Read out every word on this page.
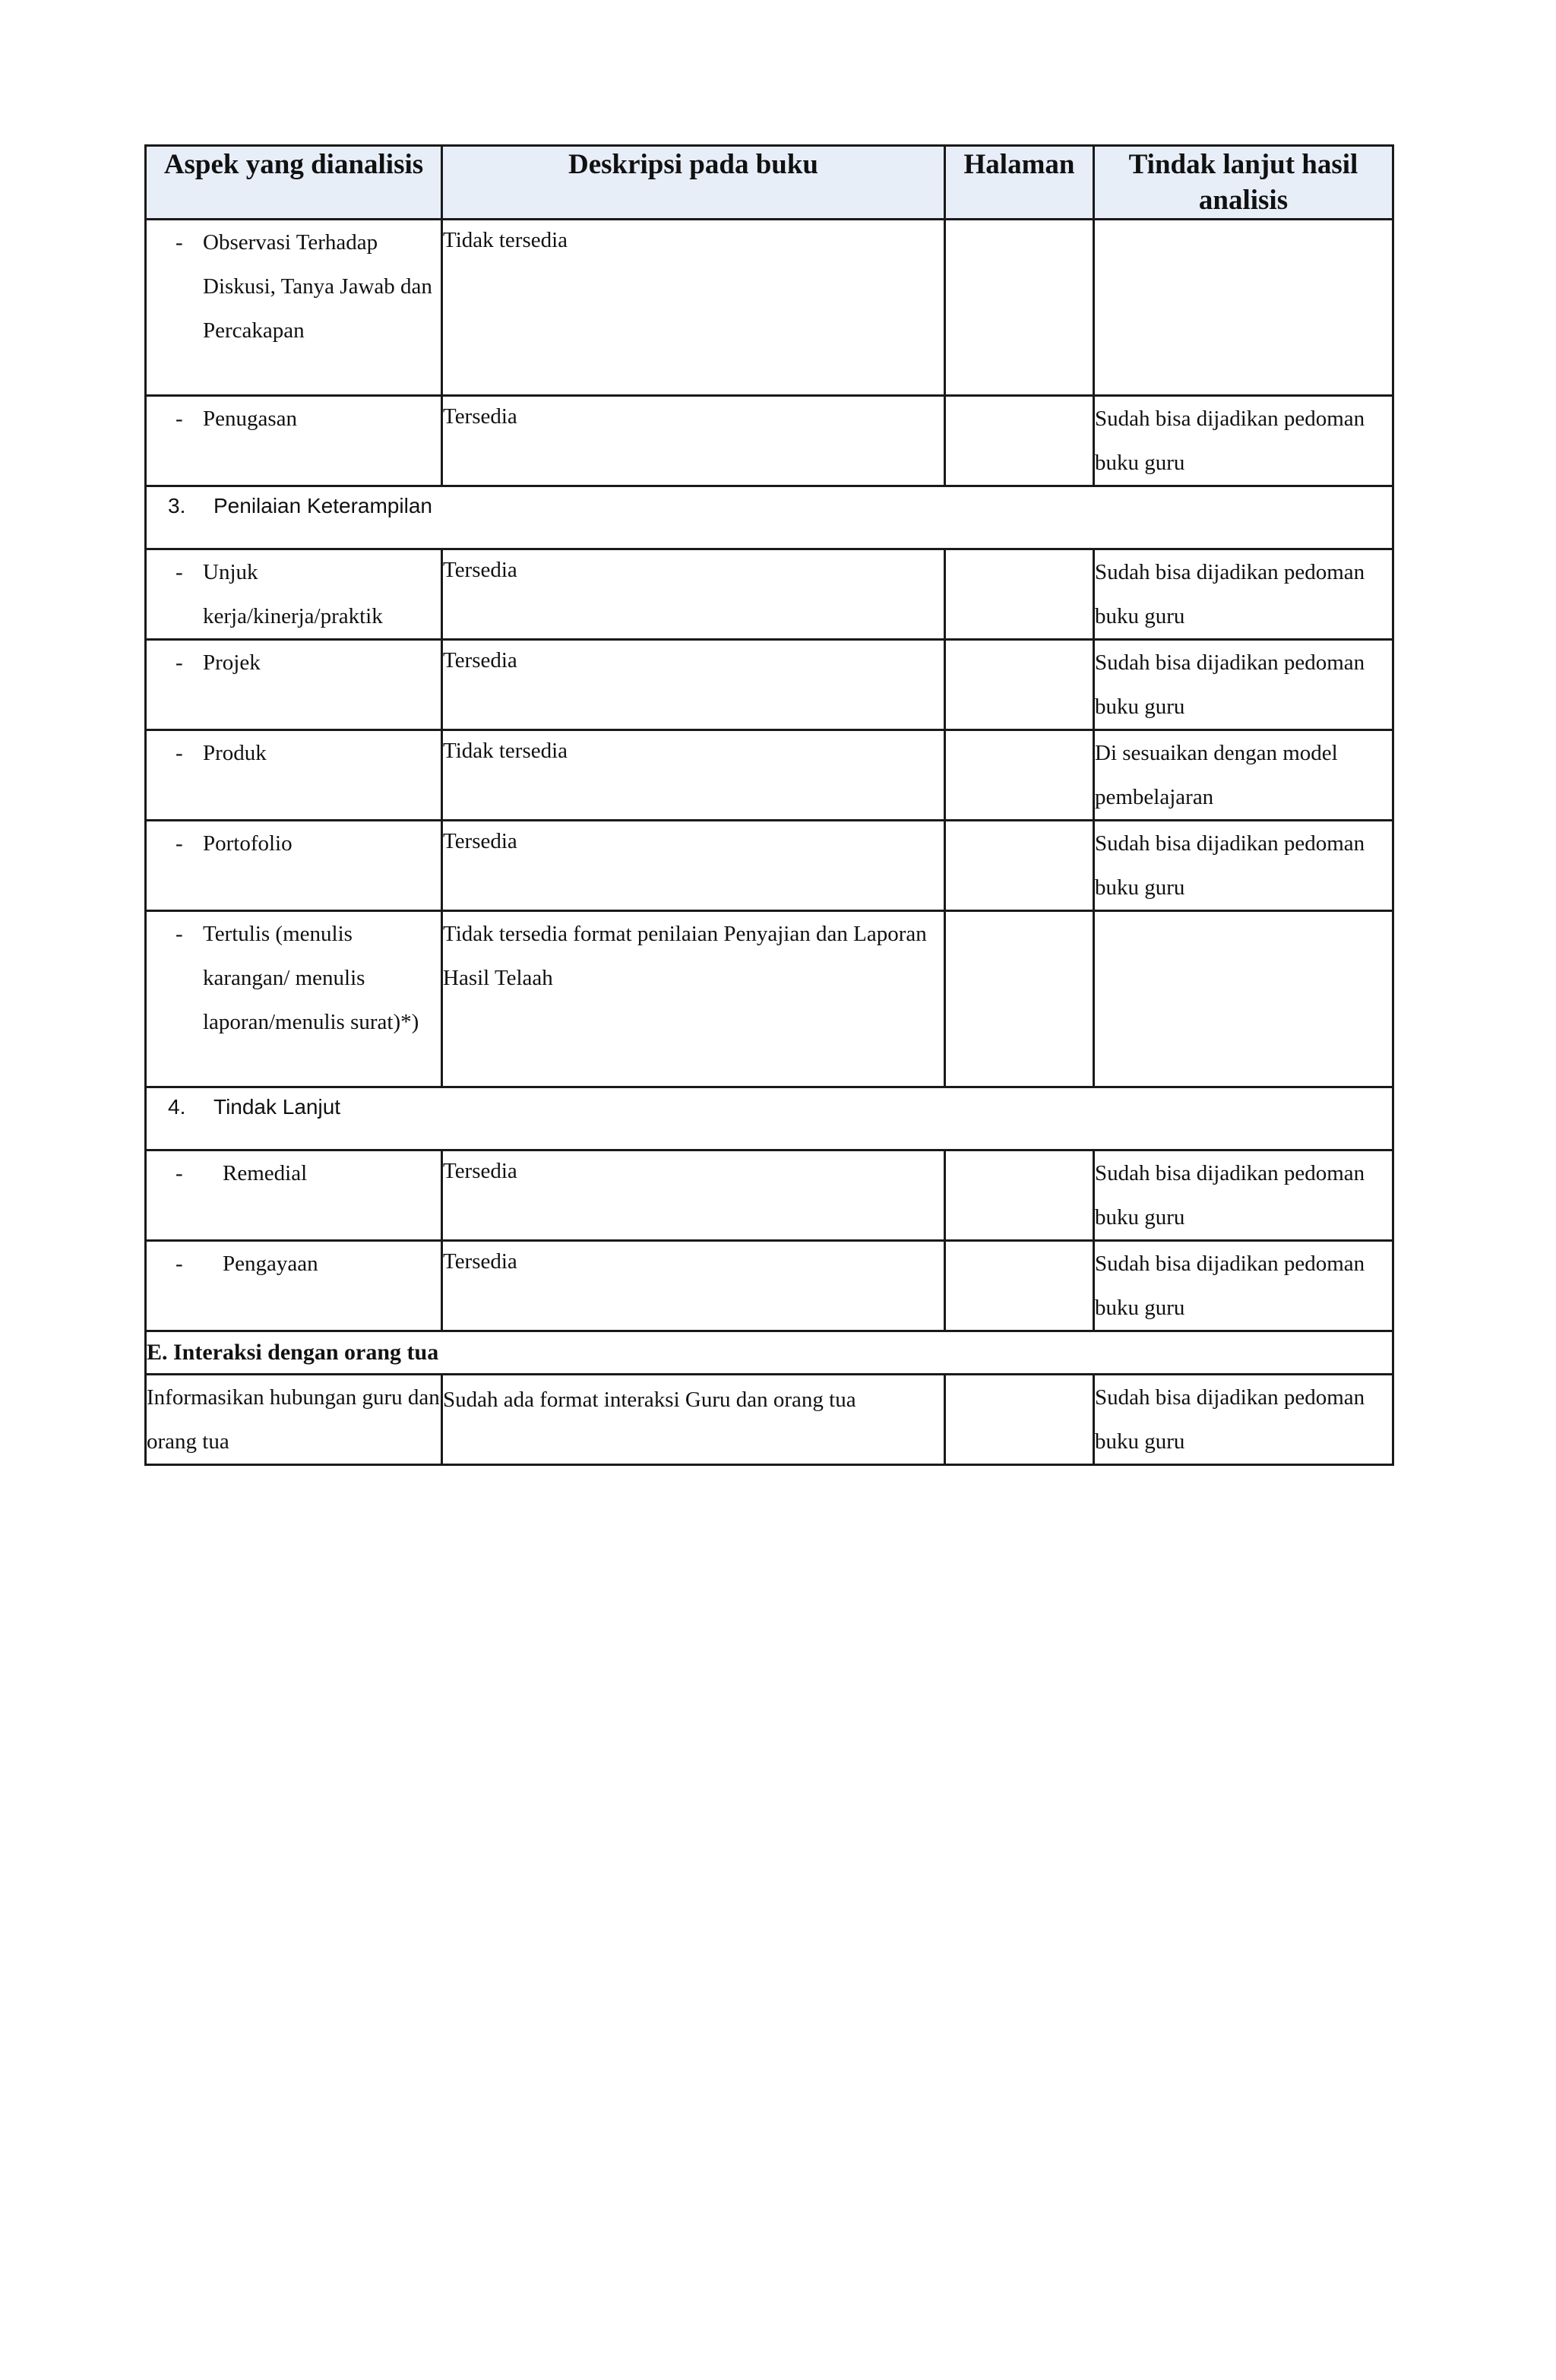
Aspek yang dianalisis	Deskripsi pada buku	Halaman	Tindak lanjut hasil analisis

- Observasi Terhadap Diskusi, Tanya Jawab dan Percakapan	Tidak tersedia		

- Penugasan	Tersedia		Sudah bisa dijadikan pedoman buku guru
3. Penilaian Keterampilan			

- Unjuk kerja/kinerja/praktik	Tersedia		Sudah bisa dijadikan pedoman buku guru

- Projek	Tersedia		Sudah bisa dijadikan pedoman buku guru

- Produk	Tidak tersedia		Di sesuaikan dengan model pembelajaran

- Portofolio	Tersedia		Sudah bisa dijadikan pedoman buku guru

- Tertulis (menulis karangan/ menulis laporan/menulis surat)*)	Tidak tersedia format penilaian Penyajian dan Laporan Hasil Telaah		
4. Tindak Lanjut			

- Remedial	Tersedia		Sudah bisa dijadikan pedoman buku guru

- Pengayaan	Tersedia		Sudah bisa dijadikan pedoman buku guru
E. Interaksi dengan orang tua			
Informasikan hubungan guru dan orang tua	Sudah ada format interaksi Guru dan orang tua		Sudah bisa dijadikan pedoman buku guru
